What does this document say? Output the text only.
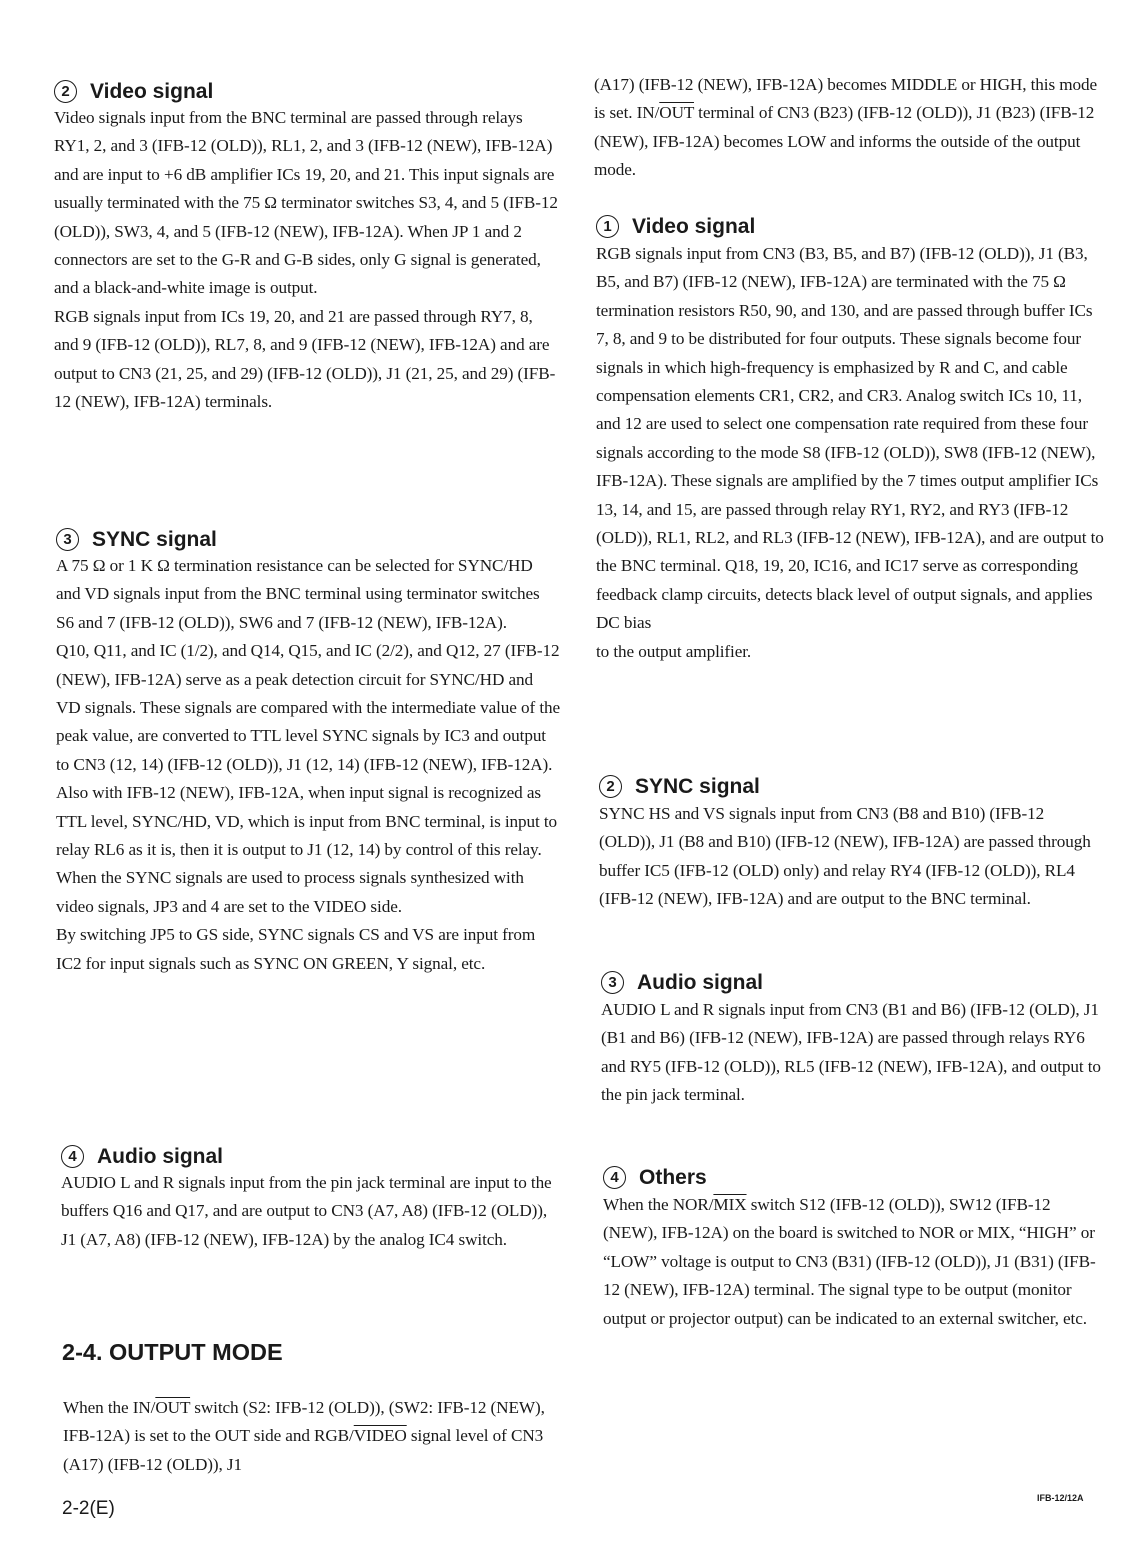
2 Video signal

Video signals input from the BNC terminal are passed through relays RY1, 2, and 3 (IFB-12 (OLD)), RL1, 2, and 3 (IFB-12 (NEW), IFB-12A) and are input to +6 dB amplifier ICs 19, 20, and 21. This input signals are usually terminated with the 75 Ω terminator switches S3, 4, and 5 (IFB-12 (OLD)), SW3, 4, and 5 (IFB-12 (NEW), IFB-12A). When JP 1 and 2 connectors are set to the G-R and G-B sides, only G signal is generated, and a black-and-white image is output.

RGB signals input from ICs 19, 20, and 21 are passed through RY7, 8, and 9 (IFB-12 (OLD)), RL7, 8, and 9 (IFB-12 (NEW), IFB-12A) and are output to CN3 (21, 25, and 29) (IFB-12 (OLD)), J1 (21, 25, and 29) (IFB-12 (NEW), IFB-12A) terminals.

3 SYNC signal

A 75 Ω or 1 K Ω termination resistance can be selected for SYNC/HD and VD signals input from the BNC terminal using terminator switches S6 and 7 (IFB-12 (OLD)), SW6 and 7 (IFB-12 (NEW), IFB-12A).

Q10, Q11, and IC (1/2), and Q14, Q15, and IC (2/2), and Q12, 27 (IFB-12 (NEW), IFB-12A) serve as a peak detection circuit for SYNC/HD and VD signals. These signals are compared with the intermediate value of the peak value, are converted to TTL level SYNC signals by IC3 and output to CN3 (12, 14) (IFB-12 (OLD)), J1 (12, 14) (IFB-12 (NEW), IFB-12A). Also with IFB-12 (NEW), IFB-12A, when input signal is recognized as TTL level, SYNC/HD, VD, which is input from BNC terminal, is input to relay RL6 as it is, then it is output to J1 (12, 14) by control of this relay. When the SYNC signals are used to process signals synthesized with video signals, JP3 and 4 are set to the VIDEO side.

By switching JP5 to GS side, SYNC signals CS and VS are input from IC2 for input signals such as SYNC ON GREEN, Y signal, etc.

4 Audio signal

AUDIO L and R signals input from the pin jack terminal are input to the buffers Q16 and Q17, and are output to CN3 (A7, A8) (IFB-12 (OLD)), J1 (A7, A8) (IFB-12 (NEW), IFB-12A) by the analog IC4 switch.

2-4. OUTPUT MODE

When the $IN/\overline{OUT}$ switch (S2: IFB-12 (OLD)), (SW2: IFB-12 (NEW), IFB-12A) is set to the OUT side and RGB/VIDEO signal level of CN3 (A17) (IFB-12 (OLD)), J1

(A17) (IFB-12 (NEW), IFB-12A) becomes MIDDLE or HIGH, this mode is set. $IN/\overline{OUT}$ terminal of CN3 (B23) (IFB-12 (OLD)), J1 (B23) (IFB-12 (NEW), IFB-12A) becomes LOW and informs the outside of the output mode.

1 Video signal

RGB signals input from CN3 (B3, B5, and B7) (IFB-12 (OLD)), J1 (B3, B5, and B7) (IFB-12 (NEW), IFB-12A) are terminated with the 75 Ω termination resistors R50, 90, and 130, and are passed through buffer ICs 7, 8, and 9 to be distributed for four outputs. These signals become four signals in which high-frequency is emphasized by R and C, and cable compensation elements CR1, CR2, and CR3. Analog switch ICs 10, 11, and 12 are used to select one compensation rate required from these four signals according to the mode S8 (IFB-12 (OLD)), SW8 (IFB-12 (NEW), IFB-12A). These signals are amplified by the 7 times output amplifier ICs 13, 14, and 15, are passed through relay RY1, RY2, and RY3 (IFB-12 (OLD)), RL1, RL2, and RL3 (IFB-12 (NEW), IFB-12A), and are output to the BNC terminal. Q18, 19, 20, IC16, and IC17 serve as corresponding feedback clamp circuits, detects black level of output signals, and applies DC bias

to the output amplifier.

2 SYNC signal

SYNC HS and VS signals input from CN3 (B8 and B10) (IFB-12 (OLD)), J1 (B8 and B10) (IFB-12 (NEW), IFB-12A) are passed through buffer IC5 (IFB-12 (OLD) only) and relay RY4 (IFB-12 (OLD)), RL4 (IFB-12 (NEW), IFB-12A) and are output to the BNC terminal.

3 Audio signal

AUDIO L and R signals input from CN3 (B1 and B6) (IFB-12 (OLD), J1 (B1 and B6) (IFB-12 (NEW), IFB-12A) are passed through relays RY6 and RY5 (IFB-12 (OLD)), RL5 (IFB-12 (NEW), IFB-12A), and output to the pin jack terminal.

4 Others

When the NOR/$\overline{MIX}$ switch S12 (IFB-12 (OLD)), SW12 (IFB-12 (NEW), IFB-12A) on the board is switched to NOR or MIX, “HIGH” or “LOW” voltage is output to CN3 (B31) (IFB-12 (OLD)), J1 (B31) (IFB-12 (NEW), IFB-12A) terminal. The signal type to be output (monitor output or projector output) can be indicated to an external switcher, etc.

2-2(E)	IFB-12/12A
